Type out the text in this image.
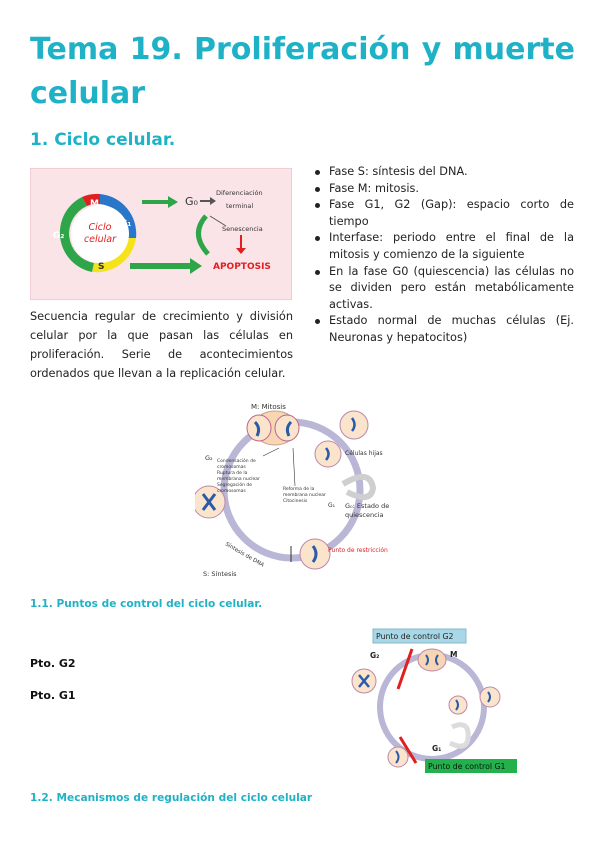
Tema 19. Proliferación y muerte
celular
1. Ciclo celular.
M
G₁
G₂
S
Ciclo
celular
G₀
Diferenciación
terminal
Senescencia
APOPTOSIS

Secuencia regular de crecimiento y división celular por la que pasan las células en proliferación. Serie de acontecimientos ordenados que llevan a la replicación celular.

Fase S: síntesis del DNA.
Fase M: mitosis.
Fase G1, G2 (Gap): espacio corto de tiempo
Interfase: periodo entre el final de la mitosis y comienzo de la siguiente
En la fase G0 (quiescencia) las células no se dividen pero están metabólicamente activas.
Estado normal de muchas células (Ej. Neuronas y hepatocitos)
M: Mitosis
Células hijas
G₀: Estado de
quiescencia
G₁
G₂
Punto de restricción
Síntesis de DNA
S: Síntesis
Condensación de
cromosomas
Ruptura de la
membrana nuclear
Segregación de
cromosomas	Reforma de la
membrana nuclear
Citocinesis
1.1. Puntos de control del ciclo celular.

Pto. G2

Pto. G1

Punto de control G2
G₂	M
G₁
Punto de control G1
1.2. Mecanismos de regulación del ciclo celular
